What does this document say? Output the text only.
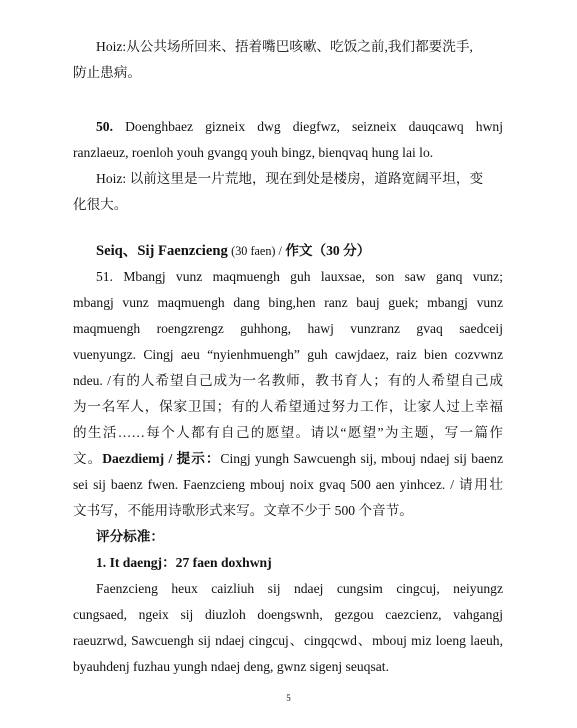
Hoiz:从公共场所回来、捂着嘴巴咳嗽、吃饭之前,我们都要洗手,

防止患病。

50. Doenghbaez gizneix dwg diegfwz, seizneix dauqcawq hwnj

ranzlaeuz, roenloh youh gvangq youh bingz, bienqvaq hung lai lo.

Hoiz: 以前这里是一片荒地，现在到处是楼房，道路宽阔平坦，变

化很大。

Seiq、Sij Faenzcieng (30 faen) / 作文（30 分）

51. Mbangj vunz maqmuengh guh lauxsae, son saw ganq vunz;

mbangj vunz maqmuengh dang bing,hen ranz bauj guek; mbangj vunz

maqmuengh roengzrengz guhhong, hawj vunzranz gvaq saedceij

vuenyungz. Cingj aeu “nyienhmuengh” guh cawjdaez, raiz bien cozvwnz

ndeu. /有的人希望自己成为一名教师，教书育人；有的人希望自己成

为一名军人，保家卫国；有的人希望通过努力工作，让家人过上幸福

的生活……每个人都有自己的愿望。请以“愿望”为主题，写一篇作

文。Daezdiemj / 提示：Cingj yungh Sawcuengh sij, mbouj ndaej sij baenz

sei sij baenz fwen. Faenzcieng mbouj noix gvaq 500 aen yinhcez. / 请用壮

文书写，不能用诗歌形式来写。文章不少于 500 个音节。

评分标准：

1. It daengj：27 faen doxhwnj

Faenzcieng heux caizliuh sij ndaej cungsim cingcuj, neiyungz

cungsaed, ngeix sij diuzloh doengswnh, gezgou caezcienz, vahgangj

raeuzrwd, Sawcuengh sij ndaej cingcuj、cingqcwd、mbouj miz loeng laeuh,

byauhdenj fuzhau yungh ndaej deng, gwnz sigenj seuqsat.

5
